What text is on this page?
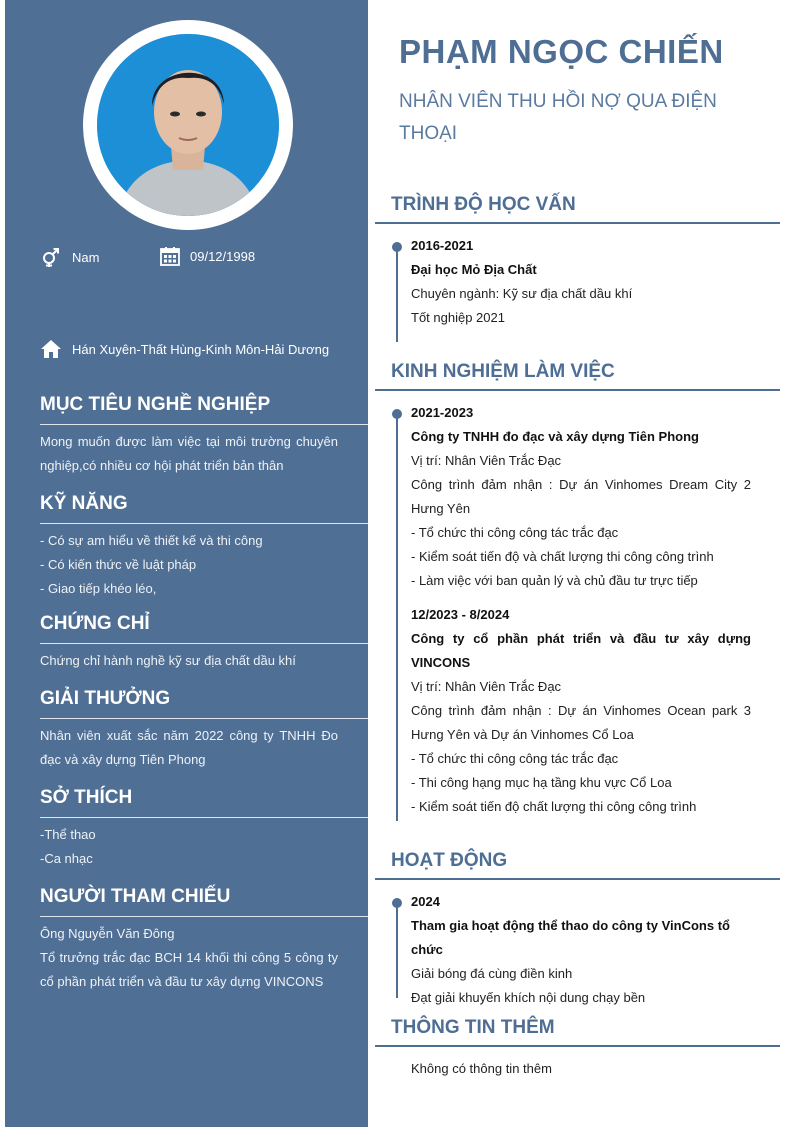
Nam	09/12/1998
Hán Xuyên-Thất Hùng-Kinh Môn-Hải Dương
MỤC TIÊU NGHỀ NGHIỆP
Mong muốn được làm việc tại môi trường chuyên nghiệp,có nhiều cơ hội phát triển bản thân
KỸ NĂNG
- Có sự am hiểu về thiết kế và thi công
- Có kiến thức về luật pháp
- Giao tiếp khéo léo,
CHỨNG CHỈ
Chứng chỉ hành nghề kỹ sư địa chất dầu khí
GIẢI THƯỞNG
Nhân viên xuất sắc năm 2022 công ty TNHH Đo đạc và xây dựng Tiên Phong
SỞ THÍCH
-Thể thao
-Ca nhạc
NGƯỜI THAM CHIẾU
Ông Nguyễn Văn Đông
Tổ trưởng trắc đạc BCH 14 khối thi công 5 công ty cổ phần phát triển và đầu tư xây dựng VINCONS
PHẠM NGỌC CHIẾN
NHÂN VIÊN THU HỒI NỢ QUA ĐIỆN THOẠI
TRÌNH ĐỘ HỌC VẤN
2016-2021
Đại học Mỏ Địa Chất
Chuyên ngành: Kỹ sư địa chất dầu khí
Tốt nghiệp 2021
KINH NGHIỆM LÀM VIỆC
2021-2023
Công ty TNHH đo đạc và xây dựng Tiên Phong
Vị trí: Nhân Viên Trắc Đạc
Công trình đảm nhận : Dự án Vinhomes Dream City 2 Hưng Yên
- Tổ chức thi công công tác trắc đạc
- Kiểm soát tiến độ và chất lượng thi công công trình
- Làm việc với ban quản lý và chủ đầu tư trực tiếp
12/2023 - 8/2024
Công ty cổ phần phát triển và đầu tư xây dựng VINCONS
Vị trí: Nhân Viên Trắc Đạc
Công trình đảm nhận : Dự án Vinhomes Ocean park 3 Hưng Yên và Dự án Vinhomes Cổ Loa
- Tổ chức thi công công tác trắc đạc
- Thi công hạng mục hạ tầng khu vực Cổ Loa
- Kiểm soát tiến độ chất lượng thi công công trình
HOẠT ĐỘNG
2024
Tham gia hoạt động thể thao do công ty VinCons tổ chức
Giải bóng đá cùng điền kinh
Đạt giải khuyến khích nội dung chạy bền
THÔNG TIN THÊM
Không có thông tin thêm
